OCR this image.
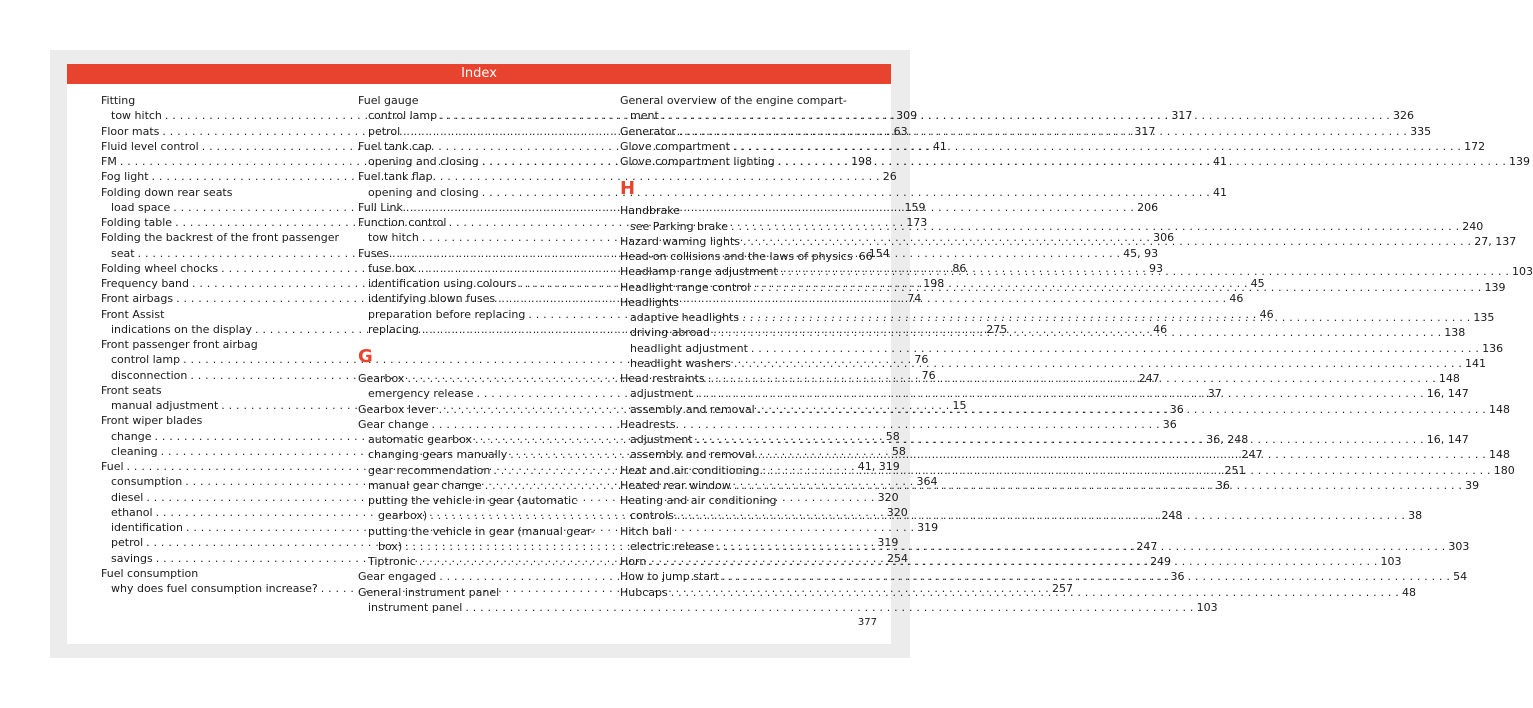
Index
Fitting
tow hitch . . .	309
Floor mats . . .	63
Fluid level control . . .	41
FM . . .	198
Fog light . . .	26
Folding down rear seats
load space . . .	159
Folding table . . .	173
Folding the backrest of the front passenger
seat . . .	154
Folding wheel chocks . . .	86
Frequency band . . .	198
Front airbags . . .	74
Front Assist
indications on the display . . .	275
Front passenger front airbag
control lamp . . .	76
disconnection . . .	76
Front seats
manual adjustment . . .	15
Front wiper blades
change . . .	58
cleaning . . .	58
Fuel . . .	41, 319
consumption . . .	364
diesel . . .	320
ethanol . . .	320
identification . . .	319
petrol . . .	319
savings . . .	254
Fuel consumption
why does fuel consumption increase? . . .	257
Fuel gauge
control lamp . . .	317
petrol . . .	317
Fuel tank cap
opening and closing . . .	41
Fuel tank flap
opening and closing . . .	41
Full Link . . .	206
Function control
tow hitch . . .	306
Fuses . . .	45, 93
fuse box . . .	93
identification using colours . . .	45
identifying blown fuses . . .	46
preparation before replacing . . .	46
replacing . . .	46
G
Gearbox . . .	247
emergency release . . .	37
Gearbox lever . . .	36
Gear change . . .	36
automatic gearbox . . .	36, 248
changing gears manually . . .	247
gear recommendation . . .	251
manual gear change . . .	36
putting the vehicle in gear (automatic
gearbox) . . .	248
putting the vehicle in gear (manual gear-
box) . . .	247
Tiptronic . . .	249
Gear engaged . . .	36
General instrument panel
instrument panel . . .	103
General overview of the engine compart-
ment . . .	326
Generator . . .	335
Glove compartment . . .	172
Glove compartment lighting . . .	139
H
Handbrake
see Parking brake . . .	240
Hazard warning lights . . .	27, 137
Head-on collisions and the laws of physics 66
Headlamp range adjustment . . .	103
Headlight range control . . .	139
Headlights
adaptive headlights . . .	135
driving abroad . . .	138
headlight adjustment . . .	136
headlight washers . . .	141
Head restraints . . .	148
adjustment . . .	16, 147
assembly and removal . . .	148
Headrests
adjustment . . .	16, 147
assembly and removal . . .	148
Heat and air conditioning . . .	180
Heated rear window . . .	39
Heating and air conditioning
controls . . .	38
Hitch ball
electric release . . .	303
Horn . . .	103
How to jump start . . .	54
Hubcaps . . .	48
377
